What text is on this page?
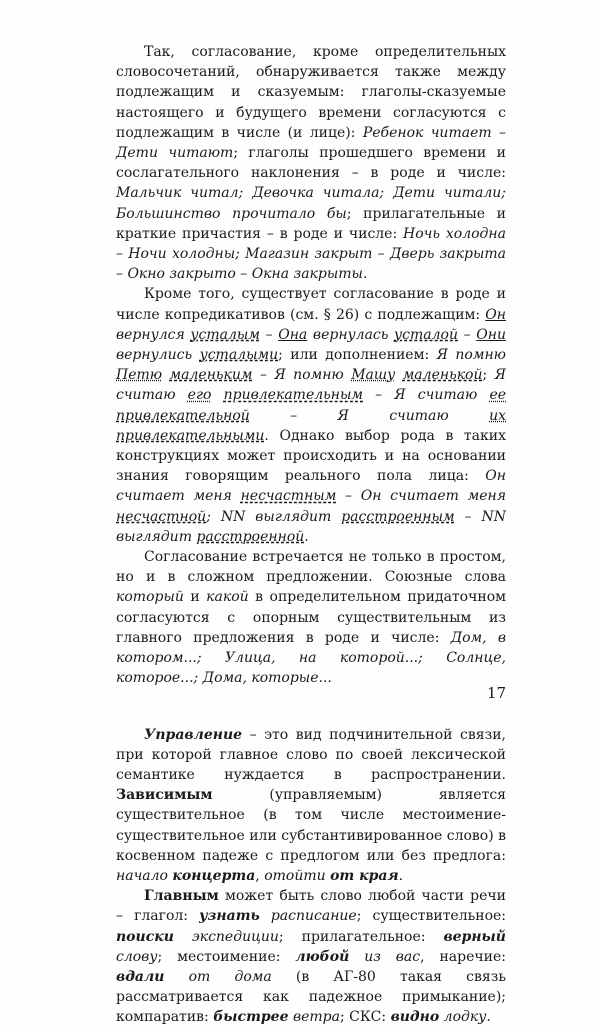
Так, согласование, кроме определительных словосочетаний, обнаруживается также между подлежащим и сказуемым: глаголы-сказуемые настоящего и будущего времени согласуются с подлежащим в числе (и лице): Ребенок читает – Дети читают; глаголы прошедшего времени и сослагательного наклонения – в роде и числе: Мальчик читал; Девочка читала; Дети читали; Большинство прочитало бы; прилагательные и краткие причастия – в роде и числе: Ночь холодна – Ночи холодны; Магазин закрыт – Дверь закрыта – Окно закрыто – Окна закрыты.

Кроме того, существует согласование в роде и числе копредикативов (см. § 26) с подлежащим: Он вернулся усталым – Она вернулась усталой – Они вернулись усталыми; или дополнением: Я помню Петю маленьким – Я помню Машу маленькой; Я считаю его привлекательным – Я считаю ее привлекательной – Я считаю их привлекательными. Однако выбор рода в таких конструкциях может происходить и на основании знания говорящим реального пола лица: Он считает меня несчастным – Он считает меня несчастной; NN выглядит расстроенным – NN выглядит расстроенной.

Согласование встречается не только в простом, но и в сложном предложении. Союзные слова который и какой в определительном придаточном согласуются с опорным существительным из главного предложения в роде и числе: Дом, в котором...; Улица, на которой...; Солнце, которое...; Дома, которые...

Управление – это вид подчинительной связи, при которой главное слово по своей лексической семантике нуждается в распространении. Зависимым (управляемым) является существительное (в том числе местоимение-существительное или субстантивированное слово) в косвенном падеже с предлогом или без предлога: начало концерта, отойти от края.

Главным может быть слово любой части речи – глагол: узнать расписание; существительное: поиски экспедиции; прилагательное: верный слову; местоимение: любой из вас, наречие: вдали от дома (в АГ-80 такая связь рассматривается как падежное примыкание); компаратив: быстрее ветра; СКС: видно лодку.

17
